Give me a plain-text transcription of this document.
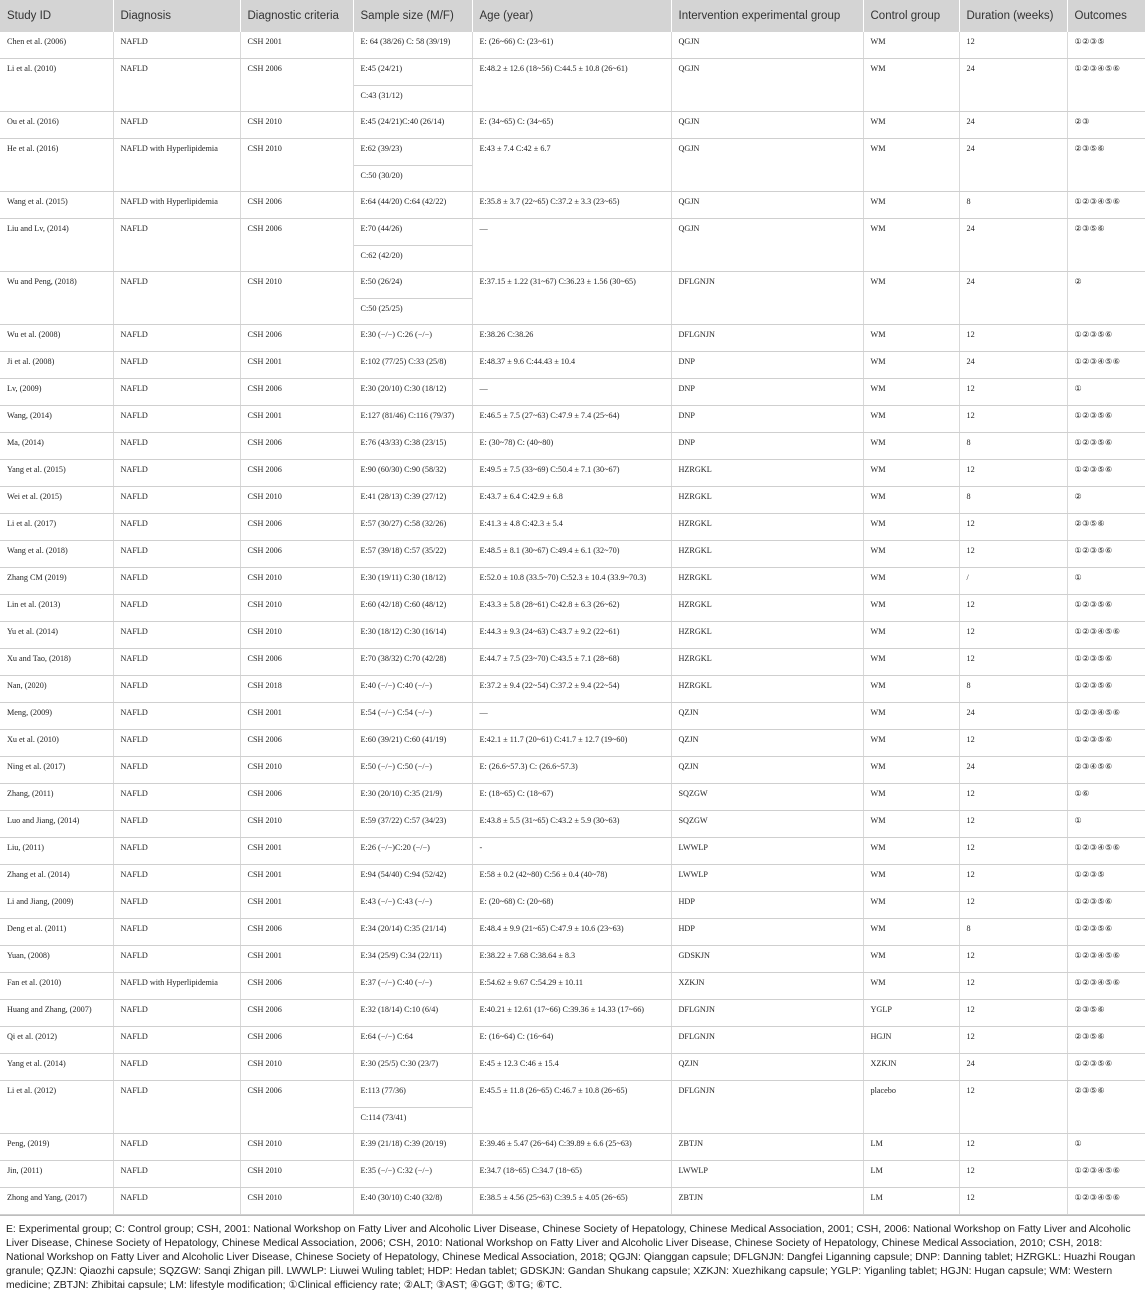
Study ID	Diagnosis	Diagnostic criteria	Sample size (M/F)	Age (year)	Intervention experimental group	Control group	Duration (weeks)	Outcomes
Chen et al. (2006)	NAFLD	CSH 2001	E: 64 (38/26) C: 58 (39/19)	E: (26~66) C: (23~61)	QGJN	WM	12	①②③⑤
Li et al. (2010)	NAFLD	CSH 2006	E:45 (24/21)
C:43 (31/12)	E:48.2 ± 12.6 (18~56) C:44.5 ± 10.8 (26~61)	QGJN	WM	24	①②③④⑤⑥
Ou et al. (2016)	NAFLD	CSH 2010	E:45 (24/21)C:40 (26/14)	E: (34~65) C: (34~65)	QGJN	WM	24	②③
He et al. (2016)	NAFLD with Hyperlipidemia	CSH 2010	E:62 (39/23)
C:50 (30/20)	E:43 ± 7.4 C:42 ± 6.7	QGJN	WM	24	②③⑤⑥
Wang et al. (2015)	NAFLD with Hyperlipidemia	CSH 2006	E:64 (44/20) C:64 (42/22)	E:35.8 ± 3.7 (22~65) C:37.2 ± 3.3 (23~65)	QGJN	WM	8	①②③④⑤⑥
Liu and Lv, (2014)	NAFLD	CSH 2006	E:70 (44/26)
C:62 (42/20)	—	QGJN	WM	24	②③⑤⑥
Wu and Peng, (2018)	NAFLD	CSH 2010	E:50 (26/24)
C:50 (25/25)	E:37.15 ± 1.22 (31~67) C:36.23 ± 1.56 (30~65)	DFLGNJN	WM	24	②
Wu et al. (2008)	NAFLD	CSH 2006	E:30 (−/−) C:26 (−/−)	E:38.26 C:38.26	DFLGNJN	WM	12	①②③⑤⑥
Ji et al. (2008)	NAFLD	CSH 2001	E:102 (77/25) C:33 (25/8)	E:48.37 ± 9.6 C:44.43 ± 10.4	DNP	WM	24	①②③④⑤⑥
Lv, (2009)	NAFLD	CSH 2006	E:30 (20/10) C:30 (18/12)	—	DNP	WM	12	①
Wang, (2014)	NAFLD	CSH 2001	E:127 (81/46) C:116 (79/37)	E:46.5 ± 7.5 (27~63) C:47.9 ± 7.4 (25~64)	DNP	WM	12	①②③⑤⑥
Ma, (2014)	NAFLD	CSH 2006	E:76 (43/33) C:38 (23/15)	E: (30~78) C: (40~80)	DNP	WM	8	①②③⑤⑥
Yang et al. (2015)	NAFLD	CSH 2006	E:90 (60/30) C:90 (58/32)	E:49.5 ± 7.5 (33~69) C:50.4 ± 7.1 (30~67)	HZRGKL	WM	12	①②③⑤⑥
Wei et al. (2015)	NAFLD	CSH 2010	E:41 (28/13) C:39 (27/12)	E:43.7 ± 6.4 C:42.9 ± 6.8	HZRGKL	WM	8	②
Li et al. (2017)	NAFLD	CSH 2006	E:57 (30/27) C:58 (32/26)	E:41.3 ± 4.8 C:42.3 ± 5.4	HZRGKL	WM	12	②③⑤⑥
Wang et al. (2018)	NAFLD	CSH 2006	E:57 (39/18) C:57 (35/22)	E:48.5 ± 8.1 (30~67) C:49.4 ± 6.1 (32~70)	HZRGKL	WM	12	①②③⑤⑥
Zhang CM (2019)	NAFLD	CSH 2010	E:30 (19/11) C:30 (18/12)	E:52.0 ± 10.8 (33.5~70) C:52.3 ± 10.4 (33.9~70.3)	HZRGKL	WM	/	①
Lin et al. (2013)	NAFLD	CSH 2010	E:60 (42/18) C:60 (48/12)	E:43.3 ± 5.8 (28~61) C:42.8 ± 6.3 (26~62)	HZRGKL	WM	12	①②③⑤⑥
Yu et al. (2014)	NAFLD	CSH 2010	E:30 (18/12) C:30 (16/14)	E:44.3 ± 9.3 (24~63) C:43.7 ± 9.2 (22~61)	HZRGKL	WM	12	①②③④⑤⑥
Xu and Tao, (2018)	NAFLD	CSH 2006	E:70 (38/32) C:70 (42/28)	E:44.7 ± 7.5 (23~70) C:43.5 ± 7.1 (28~68)	HZRGKL	WM	12	①②③⑤⑥
Nan, (2020)	NAFLD	CSH 2018	E:40 (−/−) C:40 (−/−)	E:37.2 ± 9.4 (22~54) C:37.2 ± 9.4 (22~54)	HZRGKL	WM	8	①②③⑤⑥
Meng, (2009)	NAFLD	CSH 2001	E:54 (−/−) C:54 (−/−)	—	QZJN	WM	24	①②③④⑤⑥
Xu et al. (2010)	NAFLD	CSH 2006	E:60 (39/21) C:60 (41/19)	E:42.1 ± 11.7 (20~61) C:41.7 ± 12.7 (19~60)	QZJN	WM	12	①②③⑤⑥
Ning et al. (2017)	NAFLD	CSH 2010	E:50 (−/−) C:50 (−/−)	E: (26.6~57.3) C: (26.6~57.3)	QZJN	WM	24	②③④⑤⑥
Zhang, (2011)	NAFLD	CSH 2006	E:30 (20/10) C:35 (21/9)	E: (18~65) C: (18~67)	SQZGW	WM	12	①⑥
Luo and Jiang, (2014)	NAFLD	CSH 2010	E:59 (37/22) C:57 (34/23)	E:43.8 ± 5.5 (31~65) C:43.2 ± 5.9 (30~63)	SQZGW	WM	12	①
Liu, (2011)	NAFLD	CSH 2001	E:26 (−/−)C:20 (−/−)	-	LWWLP	WM	12	①②③④⑤⑥
Zhang et al. (2014)	NAFLD	CSH 2001	E:94 (54/40) C:94 (52/42)	E:58 ± 0.2 (42~80) C:56 ± 0.4 (40~78)	LWWLP	WM	12	①②③⑤
Li and Jiang, (2009)	NAFLD	CSH 2001	E:43 (−/−) C:43 (−/−)	E: (20~68) C: (20~68)	HDP	WM	12	①②③⑤⑥
Deng et al. (2011)	NAFLD	CSH 2006	E:34 (20/14) C:35 (21/14)	E:48.4 ± 9.9 (21~65) C:47.9 ± 10.6 (23~63)	HDP	WM	8	①②③⑤⑥
Yuan, (2008)	NAFLD	CSH 2001	E:34 (25/9) C:34 (22/11)	E:38.22 ± 7.68 C:38.64 ± 8.3	GDSKJN	WM	12	①②③④⑤⑥
Fan et al. (2010)	NAFLD with Hyperlipidemia	CSH 2006	E:37 (−/−) C:40 (−/−)	E:54.62 ± 9.67 C:54.29 ± 10.11	XZKJN	WM	12	①②③④⑤⑥
Huang and Zhang, (2007)	NAFLD	CSH 2006	E:32 (18/14) C:10 (6/4)	E:40.21 ± 12.61 (17~66) C:39.36 ± 14.33 (17~66)	DFLGNJN	YGLP	12	②③⑤⑥
Qi et al. (2012)	NAFLD	CSH 2006	E:64 (−/−) C:64	E: (16~64) C: (16~64)	DFLGNJN	HGJN	12	②③⑤⑥
Yang et al. (2014)	NAFLD	CSH 2010	E:30 (25/5) C:30 (23/7)	E:45 ± 12.3 C:46 ± 15.4	QZJN	XZKJN	24	①②③⑤⑥
Li et al. (2012)	NAFLD	CSH 2006	E:113 (77/36)
C:114 (73/41)	E:45.5 ± 11.8 (26~65) C:46.7 ± 10.8 (26~65)	DFLGNJN	placebo	12	②③⑤⑥
Peng, (2019)	NAFLD	CSH 2010	E:39 (21/18) C:39 (20/19)	E:39.46 ± 5.47 (26~64) C:39.89 ± 6.6 (25~63)	ZBTJN	LM	12	①
Jin, (2011)	NAFLD	CSH 2010	E:35 (−/−) C:32 (−/−)	E:34.7 (18~65) C:34.7 (18~65)	LWWLP	LM	12	①②③④⑤⑥
Zhong and Yang, (2017)	NAFLD	CSH 2010	E:40 (30/10) C:40 (32/8)	E:38.5 ± 4.56 (25~63) C:39.5 ± 4.05 (26~65)	ZBTJN	LM	12	①②③④⑤⑥
E: Experimental group; C: Control group; CSH, 2001: National Workshop on Fatty Liver and Alcoholic Liver Disease, Chinese Society of Hepatology, Chinese Medical Association, 2001; CSH, 2006: National Workshop on Fatty Liver and Alcoholic Liver Disease, Chinese Society of Hepatology, Chinese Medical Association, 2006; CSH, 2010: National Workshop on Fatty Liver and Alcoholic Liver Disease, Chinese Society of Hepatology, Chinese Medical Association, 2010; CSH, 2018: National Workshop on Fatty Liver and Alcoholic Liver Disease, Chinese Society of Hepatology, Chinese Medical Association, 2018; QGJN: Qianggan capsule; DFLGNJN: Dangfei Liganning capsule; DNP: Danning tablet; HZRGKL: Huazhi Rougan granule; QZJN: Qiaozhi capsule; SQZGW: Sanqi Zhigan pill. LWWLP: Liuwei Wuling tablet; HDP: Hedan tablet; GDSKJN: Gandan Shukang capsule; XZKJN: Xuezhikang capsule; YGLP: Yiganling tablet; HGJN: Hugan capsule; WM: Western medicine; ZBTJN: Zhibitai capsule; LM: lifestyle modification; ①Clinical efficiency rate; ②ALT; ③AST; ④GGT; ⑤TG; ⑥TC.
